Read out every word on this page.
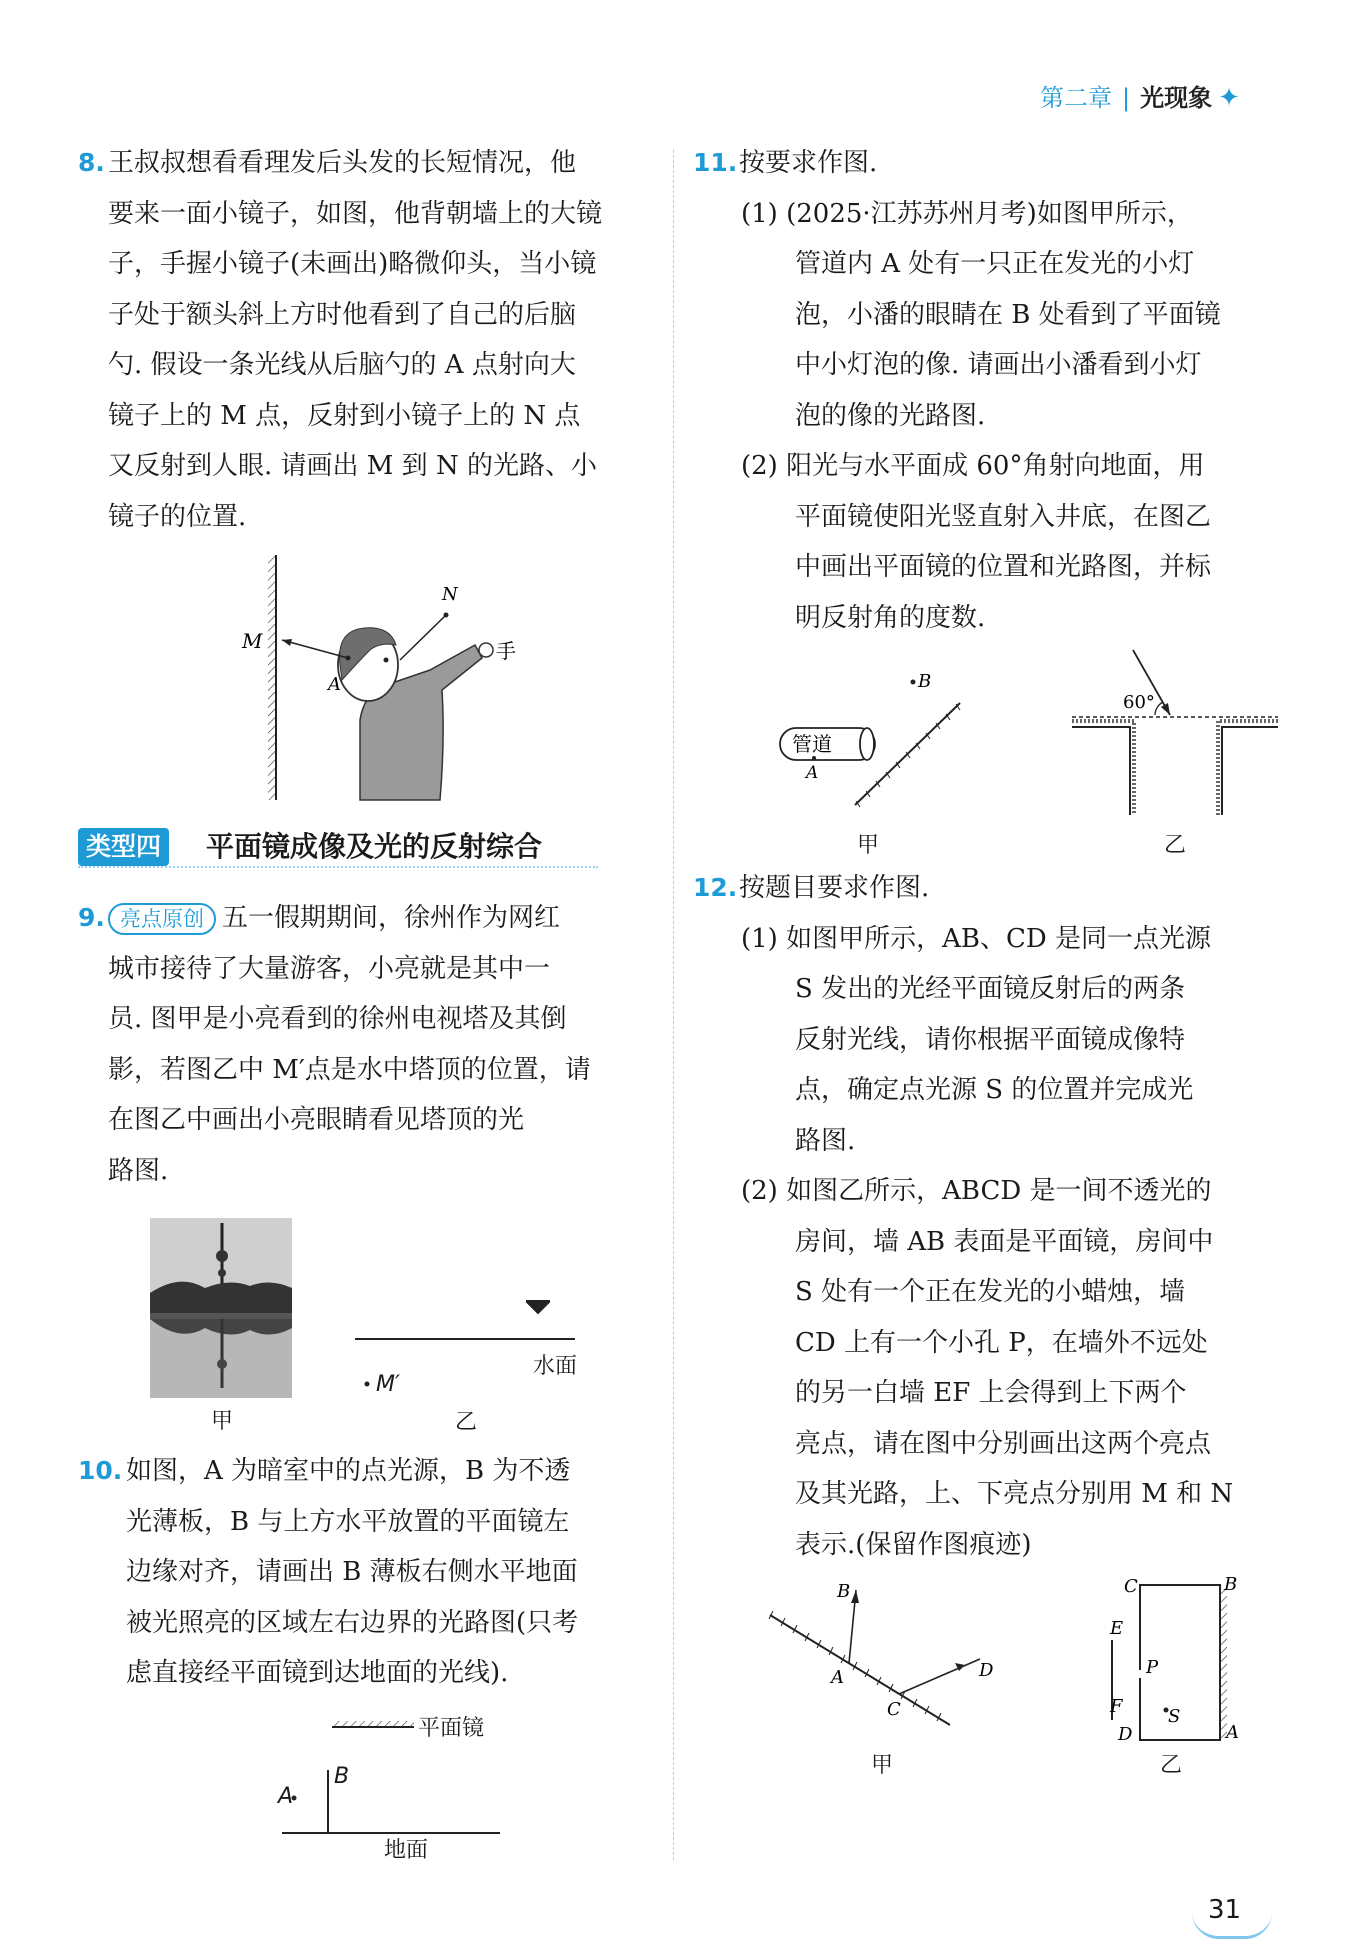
第二章 | 光现象 ✦
8. 王叔叔想看看理发后头发的长短情况，他

要来一面小镜子，如图，他背朝墙上的大镜

子，手握小镜子(未画出)略微仰头，当小镜

子处于额头斜上方时他看到了自己的后脑

勺. 假设一条光线从后脑勺的 A 点射向大

镜子上的 M 点，反射到小镜子上的 N 点

又反射到人眼. 请画出 M 到 N 的光路、小

镜子的位置.

M
A
N
手
类型四 平面镜成像及光的反射综合
9. 亮点原创 五一假期期间，徐州作为网红

城市接待了大量游客，小亮就是其中一

员. 图甲是小亮看到的徐州电视塔及其倒

影，若图乙中 M′点是水中塔顶的位置，请

在图乙中画出小亮眼睛看见塔顶的光

路图.

甲
水面
M′
乙
10. 如图，A 为暗室中的点光源，B 为不透

光薄板，B 与上方水平放置的平面镜左

边缘对齐，请画出 B 薄板右侧水平地面

被光照亮的区域左右边界的光路图(只考

虑直接经平面镜到达地面的光线).

平面镜
A
B
地面
11. 按要求作图.

(1) (2025·江苏苏州月考)如图甲所示，

管道内 A 处有一只正在发光的小灯

泡，小潘的眼睛在 B 处看到了平面镜

中小灯泡的像. 请画出小潘看到小灯

泡的像的光路图.

(2) 阳光与水平面成 60°角射向地面，用

平面镜使阳光竖直射入井底，在图乙

中画出平面镜的位置和光路图，并标

明反射角的度数.

B
管道
A
甲
60°
乙
12. 按题目要求作图.

(1) 如图甲所示，AB、CD 是同一点光源

S 发出的光经平面镜反射后的两条

反射光线，请你根据平面镜成像特

点，确定点光源 S 的位置并完成光

路图.

(2) 如图乙所示，ABCD 是一间不透光的

房间，墙 AB 表面是平面镜，房间中

S 处有一个正在发光的小蜡烛，墙

CD 上有一个小孔 P，在墙外不远处

的另一白墙 EF 上会得到上下两个

亮点，请在图中分别画出这两个亮点

及其光路，上、下亮点分别用 M 和 N

表示.(保留作图痕迹)

B
A
C
D
甲
C	B
E
P
F	S
D	A
乙
31
